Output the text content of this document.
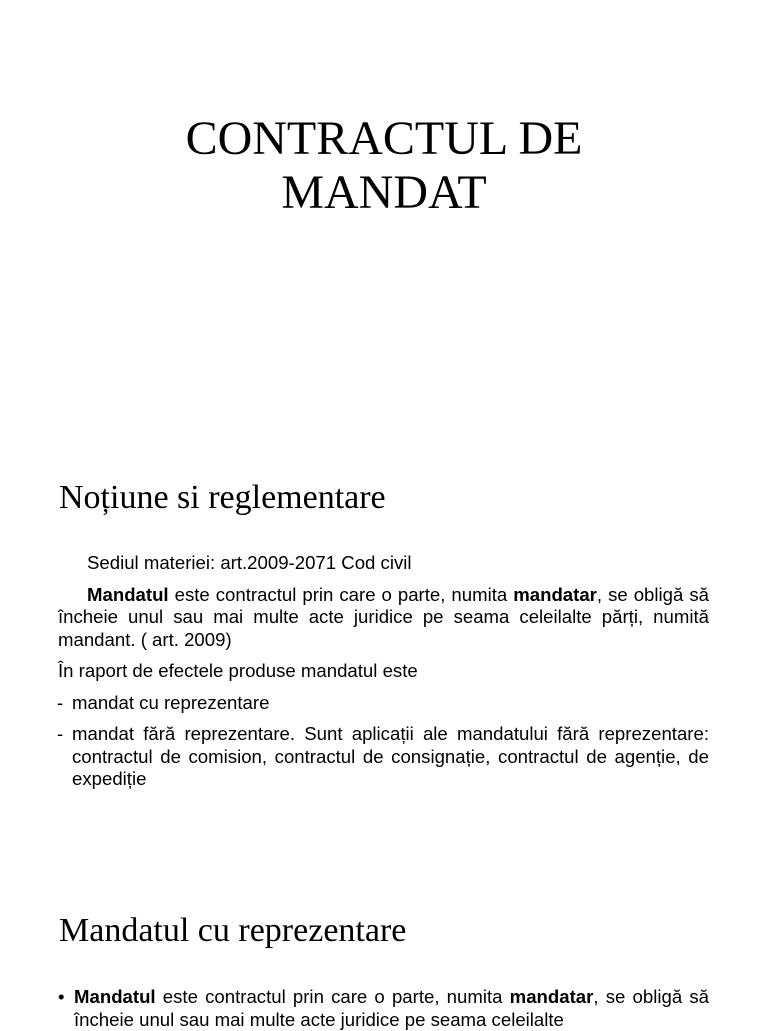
CONTRACTUL DE
MANDAT
Noțiune si reglementare
Sediul materiei: art.2009-2071 Cod civil
Mandatul este contractul prin care o parte, numita mandatar, se obligă să încheie unul sau mai multe acte juridice pe seama celeilalte părți, numită mandant. ( art. 2009)
În raport de efectele produse mandatul este
- mandat cu reprezentare
- mandat fără reprezentare. Sunt aplicații ale mandatului fără reprezentare: contractul de comision, contractul de consignație, contractul de agenție, de expediție
Mandatul cu reprezentare
• Mandatul este contractul prin care o parte, numita mandatar, se obligă să încheie unul sau mai multe acte juridice pe seama celeilalte
